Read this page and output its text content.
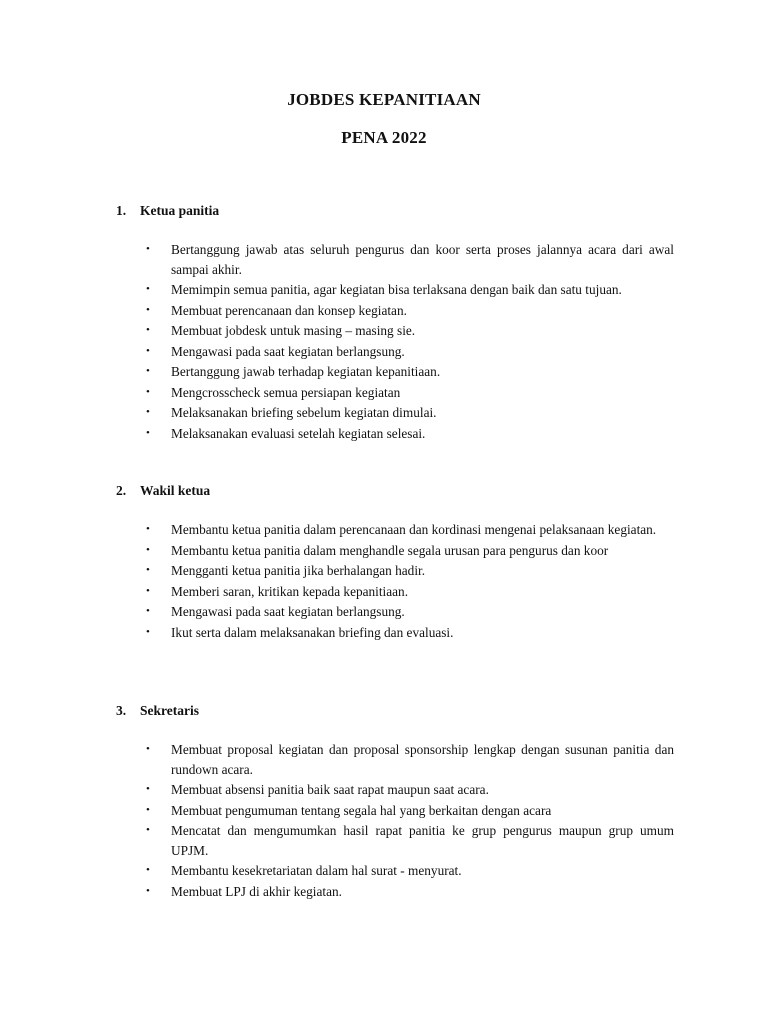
JOBDES KEPANITIAAN
PENA 2022
1.	Ketua panitia
• Bertanggung jawab atas seluruh pengurus dan koor serta proses jalannya acara dari awal sampai akhir.
• Memimpin semua panitia, agar kegiatan bisa terlaksana dengan baik dan satu tujuan.
• Membuat perencanaan dan konsep kegiatan.
• Membuat jobdesk untuk masing – masing sie.
• Mengawasi pada saat kegiatan berlangsung.
• Bertanggung jawab terhadap kegiatan kepanitiaan.
• Mengcrosscheck semua persiapan kegiatan
• Melaksanakan briefing sebelum kegiatan dimulai.
• Melaksanakan evaluasi setelah kegiatan selesai.
2.	Wakil ketua
• Membantu ketua panitia dalam perencanaan dan kordinasi mengenai pelaksanaan kegiatan.
• Membantu ketua panitia dalam menghandle segala urusan para pengurus dan koor
• Mengganti ketua panitia jika berhalangan hadir.
• Memberi saran, kritikan kepada kepanitiaan.
• Mengawasi pada saat kegiatan berlangsung.
• Ikut serta dalam melaksanakan briefing dan evaluasi.
3.	Sekretaris
• Membuat proposal kegiatan dan proposal sponsorship lengkap dengan susunan panitia dan rundown acara.
• Membuat absensi panitia baik saat rapat maupun saat acara.
• Membuat pengumuman tentang segala hal yang berkaitan dengan acara
• Mencatat dan mengumumkan hasil rapat panitia ke grup pengurus maupun grup umum UPJM.
• Membantu kesekretariatan dalam hal surat - menyurat.
• Membuat LPJ di akhir kegiatan.
